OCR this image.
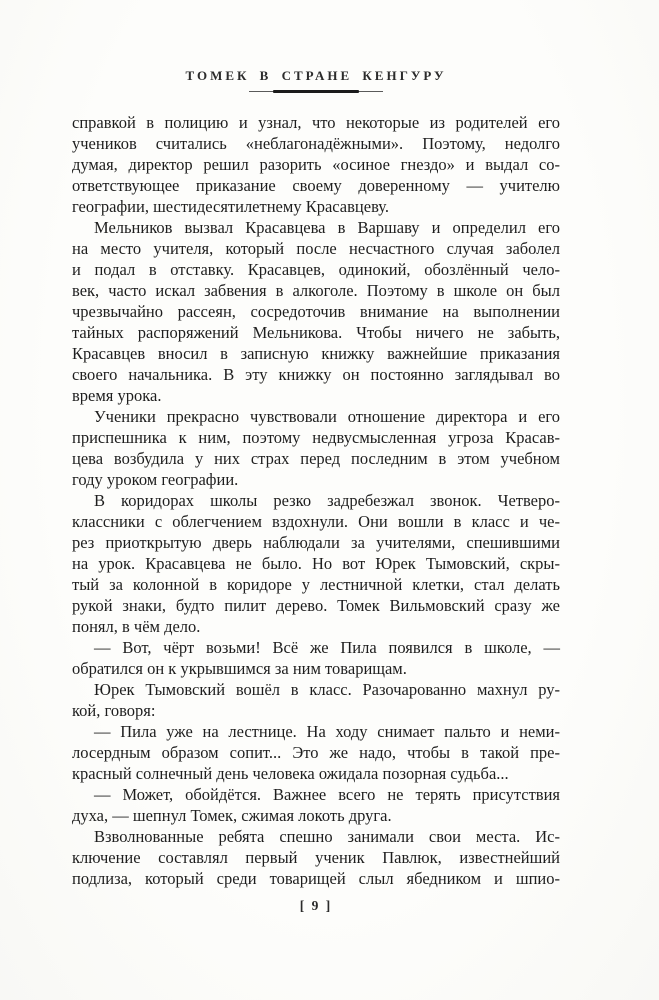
ТОМЕК В СТРАНЕ КЕНГУРУ
справкой в полицию и узнал, что некоторые из родителей его
учеников считались «неблагонадёжными». Поэтому, недолго
думая, директор решил разорить «осиное гнездо» и выдал со-
ответствующее приказание своему доверенному — учителю
географии, шестидесятилетнему Красавцеву.
Мельников вызвал Красавцева в Варшаву и определил его
на место учителя, который после несчастного случая заболел
и подал в отставку. Красавцев, одинокий, обозлённый чело-
век, часто искал забвения в алкоголе. Поэтому в школе он был
чрезвычайно рассеян, сосредоточив внимание на выполнении
тайных распоряжений Мельникова. Чтобы ничего не забыть,
Красавцев вносил в записную книжку важнейшие приказания
своего начальника. В эту книжку он постоянно заглядывал во
время урока.
Ученики прекрасно чувствовали отношение директора и его
приспешника к ним, поэтому недвусмысленная угроза Красав-
цева возбудила у них страх перед последним в этом учебном
году уроком географии.
В коридорах школы резко задребезжал звонок. Четверо-
классники с облегчением вздохнули. Они вошли в класс и че-
рез приоткрытую дверь наблюдали за учителями, спешившими
на урок. Красавцева не было. Но вот Юрек Тымовский, скры-
тый за колонной в коридоре у лестничной клетки, стал делать
рукой знаки, будто пилит дерево. Томек Вильмовский сразу же
понял, в чём дело.
— Вот, чёрт возьми! Всё же Пила появился в школе, —
обратился он к укрывшимся за ним товарищам.
Юрек Тымовский вошёл в класс. Разочарованно махнул ру-
кой, говоря:
— Пила уже на лестнице. На ходу снимает пальто и неми-
лосердным образом сопит... Это же надо, чтобы в такой пре-
красный солнечный день человека ожидала позорная судьба...
— Может, обойдётся. Важнее всего не терять присутствия
духа, — шепнул Томек, сжимая локоть друга.
Взволнованные ребята спешно занимали свои места. Ис-
ключение составлял первый ученик Павлюк, известнейший
подлиза, который среди товарищей слыл ябедником и шпио-
[ 9 ]
